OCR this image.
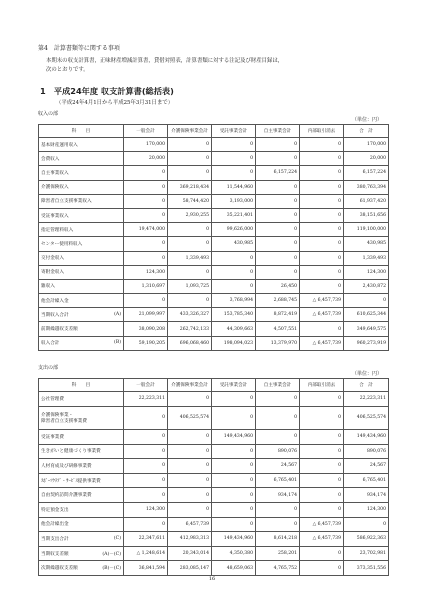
第4　計算書類等に関する事項
本期末の収支計算書，正味財産増減計算書，貸借対照表，計算書類に対する注記及び財産目録は，
次のとおりです。
1　平成24年度 収支計算書(総括表)
（平成24年4月1日から平成25年3月31日まで）
収入の部
（単位：円）
科　　目	一般会計	介護保険事業会計	受託事業会計	自主事業会計	内部取引消去	合　計
基本財産運用収入	170,000	0	0	0	0	170,000
会費収入	20,000	0	0	0	0	20,000
自主事業収入	0	0	0	6,157,224	0	6,157,224
介護保険収入	0	369,218,434	11,544,960	0	0	380,763,394
障害者自立支援事業収入	0	58,744,420	3,193,000	0	0	61,937,420
受託事業収入	0	2,930,255	35,221,401	0	0	38,151,656
指定管理料収入	19,474,000	0	99,626,000	0	0	119,100,000
センター使用料収入	0	0	430,985	0	0	430,985
交付金収入	0	1,339,493	0	0	0	1,339,493
寄附金収入	124,300	0	0	0	0	124,300
雑収入	1,310,697	1,093,725	0	26,450	0	2,430,872
他会計繰入金	0	0	3,768,994	2,688,745	△ 6,457,739	0
当期収入合計 (A)	21,099,997	433,326,327	153,785,340	8,872,419	△ 6,457,739	610,625,344
前期繰越収支差額	38,090,208	262,742,133	44,309,663	4,507,551	0	349,649,575
収入合計 (B)	59,190,205	696,068,460	198,094,023	13,379,970	△ 6,457,739	960,273,919
支出の部
（単位：円）
科　　目	一般会計	介護保険事業会計	受託事業会計	自主事業会計	内部取引消去	合　計
公社管理費	22,223,311	0	0	0	0	22,223,311
介護保険事業・
障害者自立支援事業費	0	406,525,574	0	0	0	406,525,574
受託事業費	0	0	149,434,960	0	0	149,434,960
生きがいと健康づくり事業費	0	0	0	890,076	0	890,076
人材育成及び研修事業費	0	0	0	24,567	0	24,567
ｽﾎﾟｰﾂｸﾗﾌﾞ・ｻｰﾋﾞｽ提供事業費	0	0	0	6,765,401	0	6,765,401
自由契約訪問介護事業費	0	0	0	934,174	0	934,174
特定預金支出	124,300	0	0	0	0	124,300
他会計繰出金	0	6,457,739	0	0	△ 6,457,739	0
当期支出合計 (C)	22,347,611	412,983,313	149,434,960	8,614,218	△ 6,457,739	586,922,363
当期収支差額 (A)－(C)	△ 1,248,614	20,343,014	4,350,380	258,201	0	23,702,981
次期繰越収支差額 (B)－(C)	36,841,594	283,085,147	48,659,063	4,765,752	0	373,351,556
16
